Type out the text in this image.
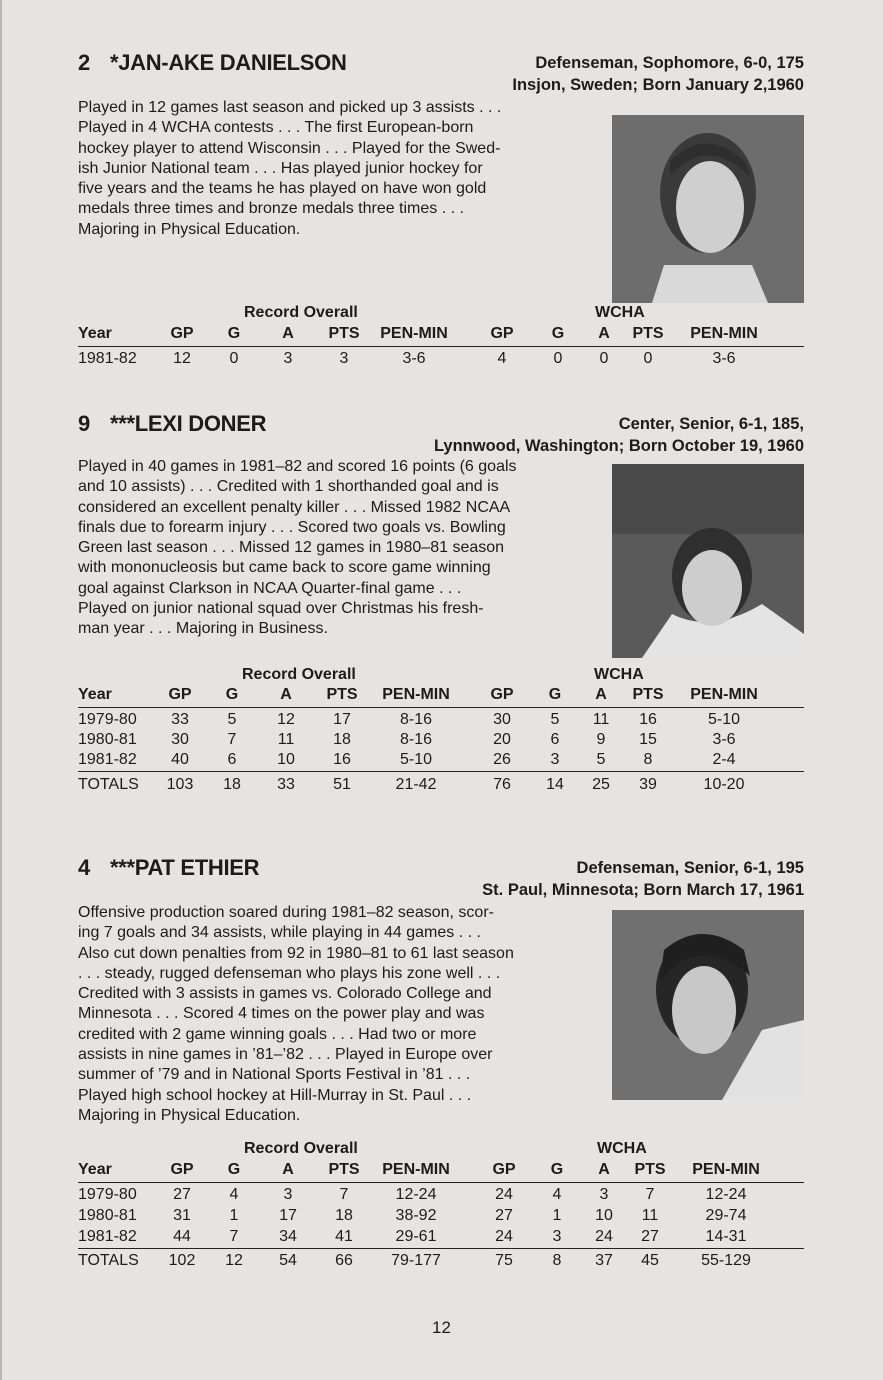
2 *JAN-AKE DANIELSON	Defenseman, Sophomore, 6-0, 175
Insjon, Sweden; Born January 2,1960
Played in 12 games last season and picked up 3 assists . . .
Played in 4 WCHA contests . . . The first European-born
hockey player to attend Wisconsin . . . Played for the Swed-
ish Junior National team . . . Has played junior hockey for
five years and the teams he has played on have won gold
medals three times and bronze medals three times . . .
Majoring in Physical Education.
Record Overall	WCHA
Year	GP G	A PTS PEN-MIN	GP G A PTS PEN-MIN
1981-82 12 0	3	3	3-6	4	0 0 0	3-6
9 ***LEXI DONER	Center, Senior, 6-1, 185,
Lynnwood, Washington; Born October 19, 1960
Played in 40 games in 1981–82 and scored 16 points (6 goals
and 10 assists) . . . Credited with 1 shorthanded goal and is
considered an excellent penalty killer . . . Missed 1982 NCAA
finals due to forearm injury . . . Scored two goals vs. Bowling
Green last season . . . Missed 12 games in 1980–81 season
with mononucleosis but came back to score game winning
goal against Clarkson in NCAA Quarter-final game . . .
Played on junior national squad over Christmas his fresh-
man year . . . Majoring in Business.
Record Overall	WCHA
Year	GP G	A PTS PEN-MIN	GP G A PTS PEN-MIN
1979-80 33 5	12 17	8-16	30 5 11 16	5-10
1980-81 30 7	11 18	8-16	20 6 9 15	3-6
1981-82 40 6	10 16	5-10	26 3 5 8	2-4
TOTALS 103 18 33 51	21-42	76 14 25 39	10-20
4 ***PAT ETHIER	Defenseman, Senior, 6-1, 195
St. Paul, Minnesota; Born March 17, 1961
Offensive production soared during 1981–82 season, scor-
ing 7 goals and 34 assists, while playing in 44 games . . .
Also cut down penalties from 92 in 1980–81 to 61 last season
. . . steady, rugged defenseman who plays his zone well . . .
Credited with 3 assists in games vs. Colorado College and
Minnesota . . . Scored 4 times on the power play and was
credited with 2 game winning goals . . . Had two or more
assists in nine games in ’81–’82 . . . Played in Europe over
summer of ’79 and in National Sports Festival in ’81 . . .
Played high school hockey at Hill-Murray in St. Paul . . .
Majoring in Physical Education.
Record Overall	WCHA
Year	GP G	A PTS PEN-MIN	GP G A PTS PEN-MIN
1979-80 27 4	3	7	12-24	24 4 3 7	12-24
1980-81 31 1	17 18	38-92	27 1 10 11	29-74
1981-82 44 7	34 41	29-61	24 3 24 27	14-31
TOTALS 102 12 54 66 79-177	75 8 37 45	55-129
12
